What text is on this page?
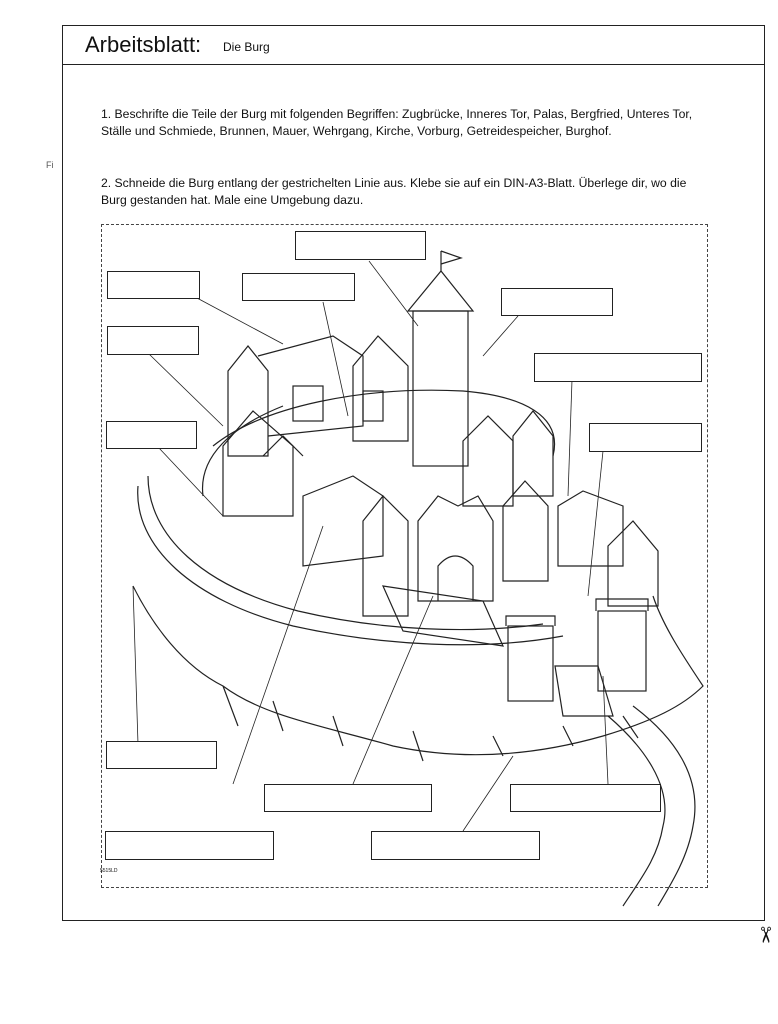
Fi
Arbeitsblatt: Die Burg
1. Beschrifte die Teile der Burg mit folgenden Begriffen: Zugbrücke, Inneres Tor, Palas, Bergfried, Unteres Tor, Ställe und Schmiede, Brunnen, Mauer, Wehrgang, Kirche, Vorburg, Getreidespeicher, Burghof.
2. Schneide die Burg entlang der gestrichelten Linie aus. Klebe sie auf ein DIN-A3-Blatt. Überlege dir, wo die Burg gestanden hat. Male eine Umgebung dazu.
5515LD
✂
